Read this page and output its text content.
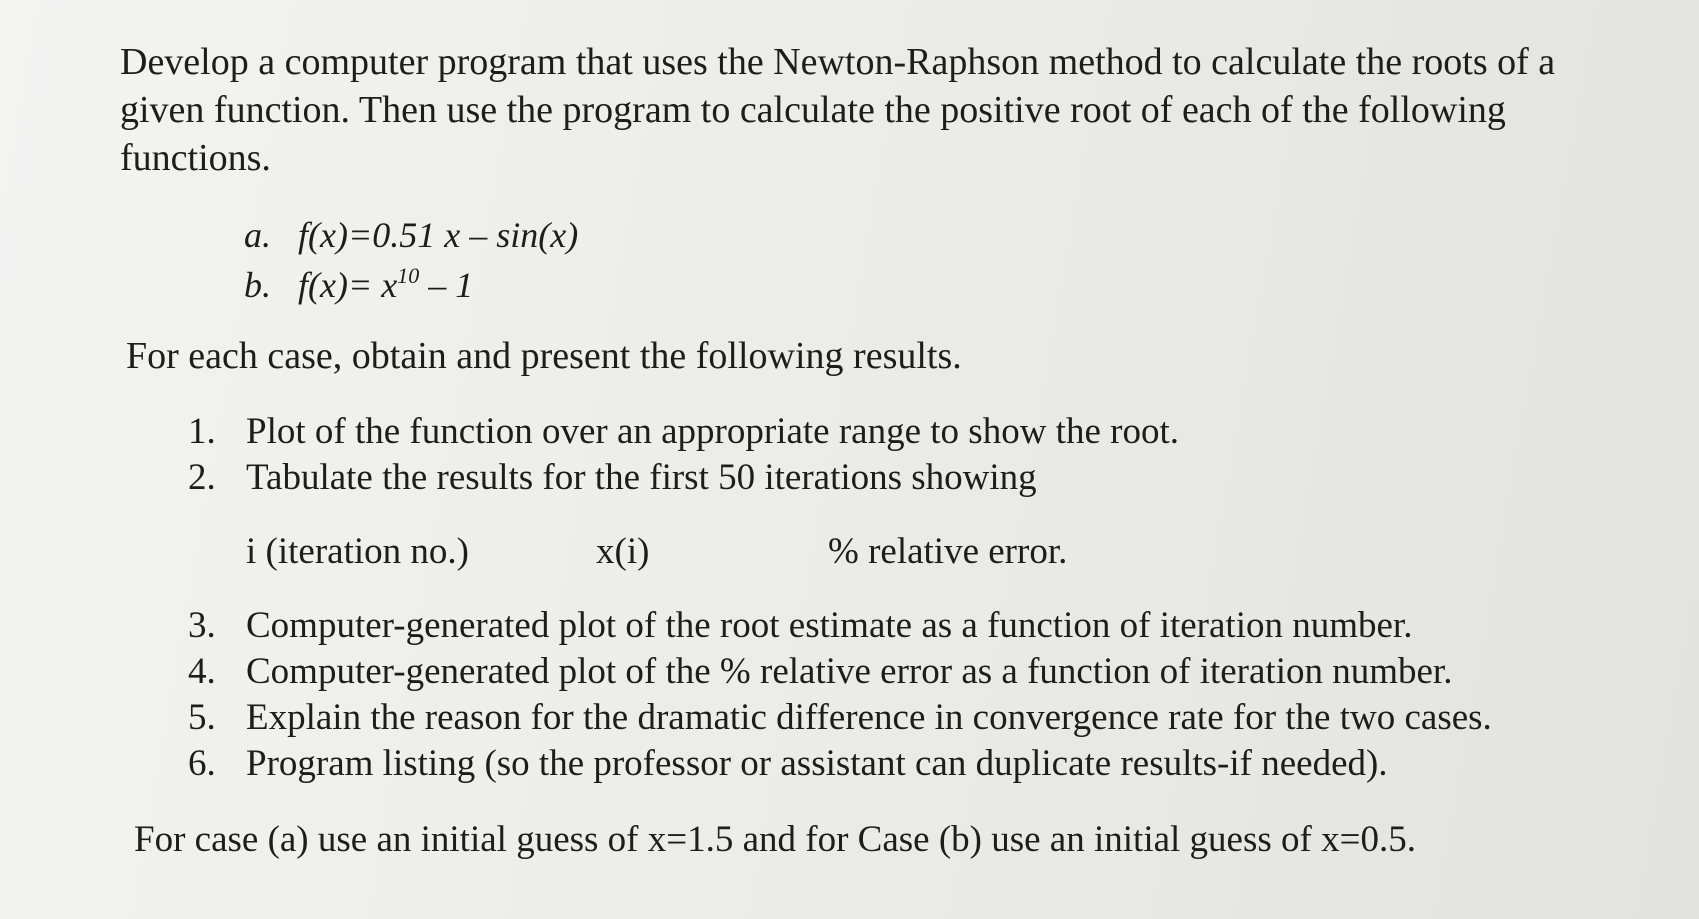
Develop a computer program that uses the Newton-Raphson method to calculate the roots of a given function. Then use the program to calculate the positive root of each of the following functions.

a. f(x)=0.51 x – sin(x)
b. $f(x)= x^{10} - 1$

For each case, obtain and present the following results.

1. Plot of the function over an appropriate range to show the root.
2. Tabulate the results for the first 50 iterations showing
i (iteration no.)	x(i)	% relative error.
3. Computer-generated plot of the root estimate as a function of iteration number.
4. Computer-generated plot of the % relative error as a function of iteration number.
5. Explain the reason for the dramatic difference in convergence rate for the two cases.
6. Program listing (so the professor or assistant can duplicate results-if needed).

For case (a) use an initial guess of x=1.5 and for Case (b) use an initial guess of x=0.5.
